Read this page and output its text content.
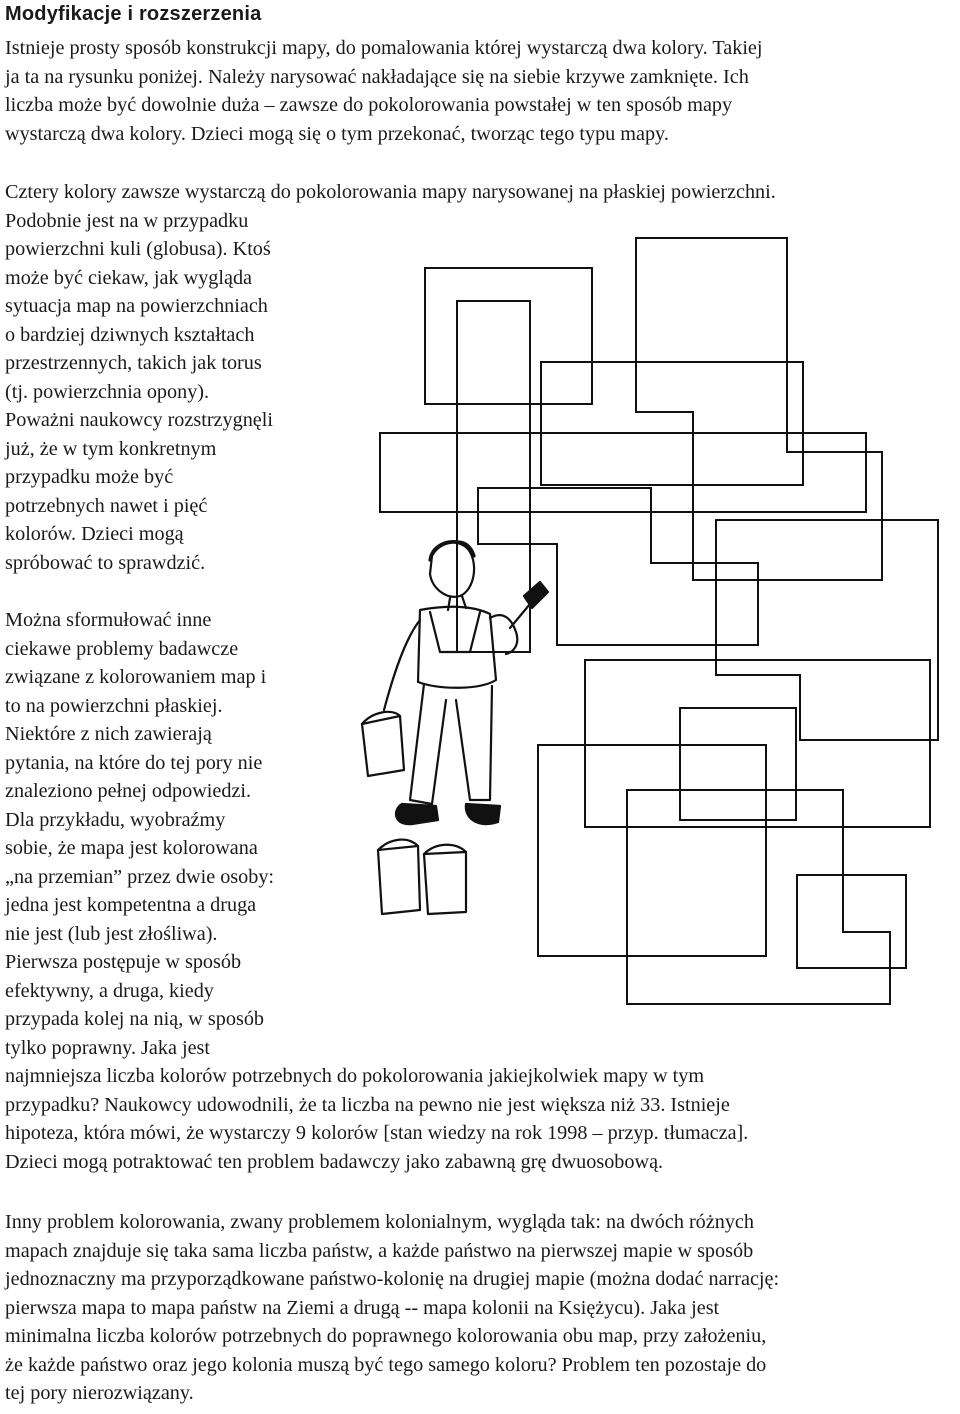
Modyfikacje i rozszerzenia
Istnieje prosty sposób konstrukcji mapy, do pomalowania której wystarczą dwa kolory. Takiej
ja ta na rysunku poniżej. Należy narysować nakładające się na siebie krzywe zamknięte. Ich
liczba może być dowolnie duża – zawsze do pokolorowania powstałej w ten sposób mapy
wystarczą dwa kolory. Dzieci mogą się o tym przekonać, tworząc tego typu mapy.
Cztery kolory zawsze wystarczą do pokolorowania mapy narysowanej na płaskiej powierzchni.
Podobnie jest na w przypadku
powierzchni kuli (globusa). Ktoś
może być ciekaw, jak wygląda
sytuacja map na powierzchniach
o bardziej dziwnych kształtach
przestrzennych, takich jak torus
(tj. powierzchnia opony).
Poważni naukowcy rozstrzygnęli
już, że w tym konkretnym
przypadku może być
potrzebnych nawet i pięć
kolorów. Dzieci mogą
spróbować to sprawdzić.
Można sformułować inne
ciekawe problemy badawcze
związane z kolorowaniem map i
to na powierzchni płaskiej.
Niektóre z nich zawierają
pytania, na które do tej pory nie
znaleziono pełnej odpowiedzi.
Dla przykładu, wyobraźmy
sobie, że mapa jest kolorowana
„na przemian” przez dwie osoby:
jedna jest kompetentna a druga
nie jest (lub jest złośliwa).
Pierwsza postępuje w sposób
efektywny, a druga, kiedy
przypada kolej na nią, w sposób
tylko poprawny. Jaka jest
najmniejsza liczba kolorów potrzebnych do pokolorowania jakiejkolwiek mapy w tym
przypadku? Naukowcy udowodnili, że ta liczba na pewno nie jest większa niż 33. Istnieje
hipoteza, która mówi, że wystarczy 9 kolorów [stan wiedzy na rok 1998 – przyp. tłumacza].
Dzieci mogą potraktować ten problem badawczy jako zabawną grę dwuosobową.
Inny problem kolorowania, zwany problemem kolonialnym, wygląda tak: na dwóch różnych
mapach znajduje się taka sama liczba państw, a każde państwo na pierwszej mapie w sposób
jednoznaczny ma przyporządkowane państwo-kolonię na drugiej mapie (można dodać narrację:
pierwsza mapa to mapa państw na Ziemi a drugą -- mapa kolonii na Księżycu). Jaka jest
minimalna liczba kolorów potrzebnych do poprawnego kolorowania obu map, przy założeniu,
że każde państwo oraz jego kolonia muszą być tego samego koloru? Problem ten pozostaje do
tej pory nierozwiązany.
